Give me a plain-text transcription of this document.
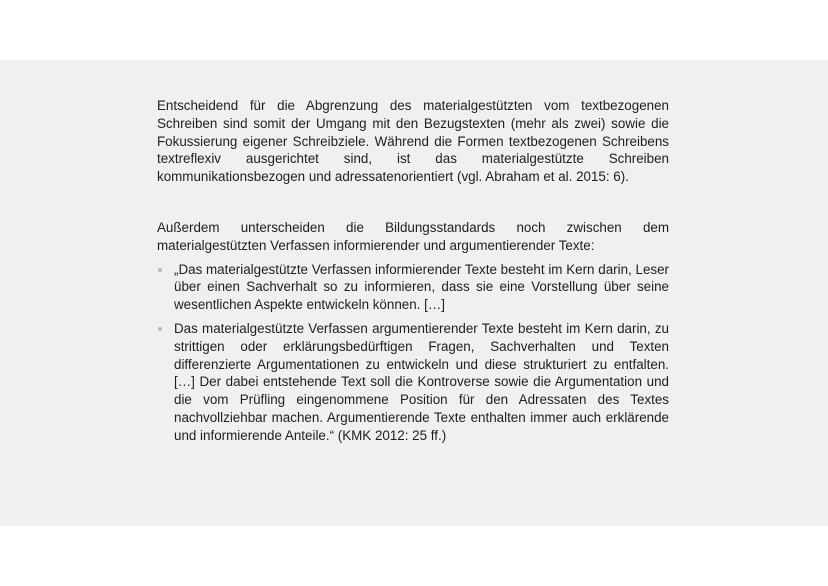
Entscheidend für die Abgrenzung des materialgestützten vom textbezogenen Schreiben sind somit der Umgang mit den Bezugstexten (mehr als zwei) sowie die Fokussierung eigener Schreibziele. Während die Formen textbezogenen Schreibens textreflexiv ausgerichtet sind, ist das materialgestützte Schreiben kommunikationsbezogen und adressatenorientiert (vgl. Abraham et al. 2015: 6).

Außerdem unterscheiden die Bildungsstandards noch zwischen dem materialgestützten Verfassen informierender und argumentierender Texte:

„Das materialgestützte Verfassen informierender Texte besteht im Kern darin, Leser über einen Sachverhalt so zu informieren, dass sie eine Vorstellung über seine wesentlichen Aspekte entwickeln können. […]
Das materialgestützte Verfassen argumentierender Texte besteht im Kern darin, zu strittigen oder erklärungsbedürftigen Fragen, Sachverhalten und Texten differenzierte Argumentationen zu entwickeln und diese strukturiert zu entfalten. […] Der dabei entstehende Text soll die Kontroverse sowie die Argumentation und die vom Prüfling eingenommene Position für den Adressaten des Textes nachvollziehbar machen. Argumentierende Texte enthalten immer auch erklärende und informierende Anteile.“ (KMK 2012: 25 ff.)
